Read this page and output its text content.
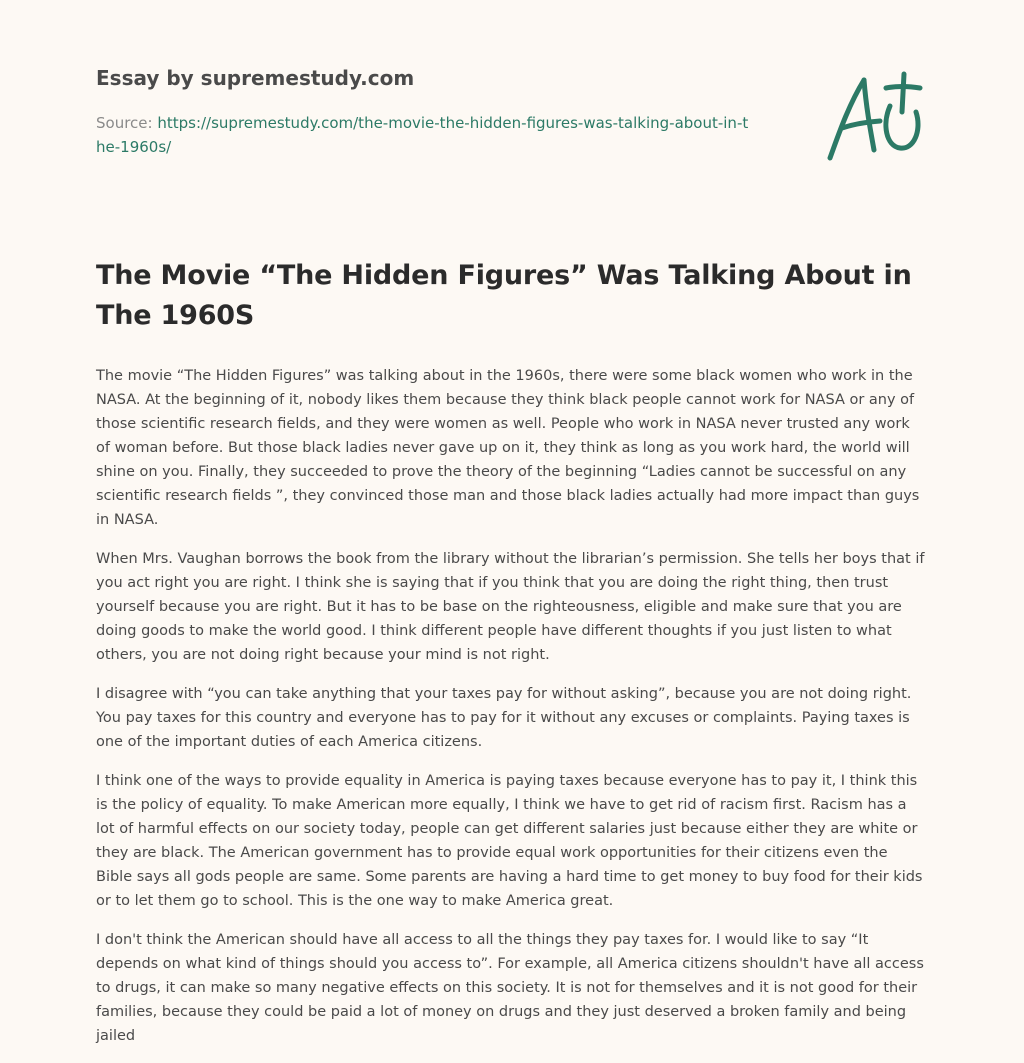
Essay by supremestudy.com
Source: https://supremestudy.com/the-movie-the-hidden-figures-was-talking-about-in-the-1960s/
The Movie “The Hidden Figures” Was Talking About in The 1960S

The movie “The Hidden Figures” was talking about in the 1960s, there were some black women who work in the NASA. At the beginning of it, nobody likes them because they think black people cannot work for NASA or any of those scientific research fields, and they were women as well. People who work in NASA never trusted any work of woman before. But those black ladies never gave up on it, they think as long as you work hard, the world will shine on you. Finally, they succeeded to prove the theory of the beginning “Ladies cannot be successful on any scientific research fields ”, they convinced those man and those black ladies actually had more impact than guys in NASA.

When Mrs. Vaughan borrows the book from the library without the librarian’s permission. She tells her boys that if you act right you are right. I think she is saying that if you think that you are doing the right thing, then trust yourself because you are right. But it has to be base on the righteousness, eligible and make sure that you are doing goods to make the world good. I think different people have different thoughts if you just listen to what others, you are not doing right because your mind is not right.

I disagree with “you can take anything that your taxes pay for without asking”, because you are not doing right. You pay taxes for this country and everyone has to pay for it without any excuses or complaints. Paying taxes is one of the important duties of each America citizens.

I think one of the ways to provide equality in America is paying taxes because everyone has to pay it, I think this is the policy of equality. To make American more equally, I think we have to get rid of racism first. Racism has a lot of harmful effects on our society today, people can get different salaries just because either they are white or they are black. The American government has to provide equal work opportunities for their citizens even the Bible says all gods people are same. Some parents are having a hard time to get money to buy food for their kids or to let them go to school. This is the one way to make America great.

I don't think the American should have all access to all the things they pay taxes for. I would like to say “It depends on what kind of things should you access to”. For example, all America citizens shouldn't have all access to drugs, it can make so many negative effects on this society. It is not for themselves and it is not good for their families, because they could be paid a lot of money on drugs and they just deserved a broken family and being jailed
